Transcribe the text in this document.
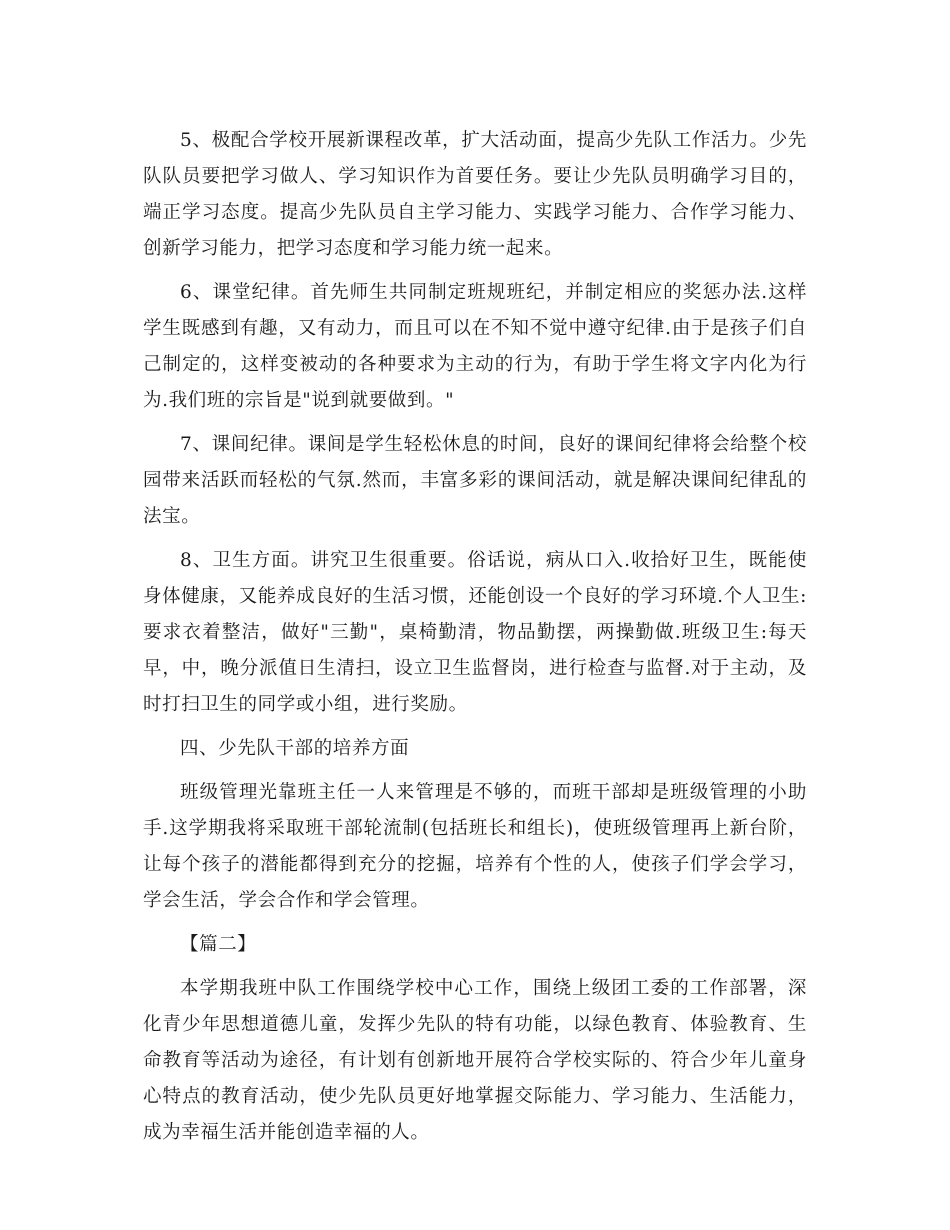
5、极配合学校开展新课程改革，扩大活动面，提高少先队工作活力。少先队队员要把学习做人、学习知识作为首要任务。要让少先队员明确学习目的，端正学习态度。提高少先队员自主学习能力、实践学习能力、合作学习能力、创新学习能力，把学习态度和学习能力统一起来。

6、课堂纪律。首先师生共同制定班规班纪，并制定相应的奖惩办法.这样学生既感到有趣，又有动力，而且可以在不知不觉中遵守纪律.由于是孩子们自己制定的，这样变被动的各种要求为主动的行为，有助于学生将文字内化为行为.我们班的宗旨是"说到就要做到。"

7、课间纪律。课间是学生轻松休息的时间，良好的课间纪律将会给整个校园带来活跃而轻松的气氛.然而，丰富多彩的课间活动，就是解决课间纪律乱的法宝。

8、卫生方面。讲究卫生很重要。俗话说，病从口入.收拾好卫生，既能使身体健康，又能养成良好的生活习惯，还能创设一个良好的学习环境.个人卫生:要求衣着整洁，做好"三勤"，桌椅勤清，物品勤摆，两操勤做.班级卫生:每天早，中，晚分派值日生清扫，设立卫生监督岗，进行检查与监督.对于主动，及时打扫卫生的同学或小组，进行奖励。

四、少先队干部的培养方面

班级管理光靠班主任一人来管理是不够的，而班干部却是班级管理的小助手.这学期我将采取班干部轮流制(包括班长和组长)，使班级管理再上新台阶，让每个孩子的潜能都得到充分的挖掘，培养有个性的人，使孩子们学会学习，学会生活，学会合作和学会管理。

【篇二】

本学期我班中队工作围绕学校中心工作，围绕上级团工委的工作部署，深化青少年思想道德儿童，发挥少先队的特有功能，以绿色教育、体验教育、生命教育等活动为途径，有计划有创新地开展符合学校实际的、符合少年儿童身心特点的教育活动，使少先队员更好地掌握交际能力、学习能力、生活能力，成为幸福生活并能创造幸福的人。
